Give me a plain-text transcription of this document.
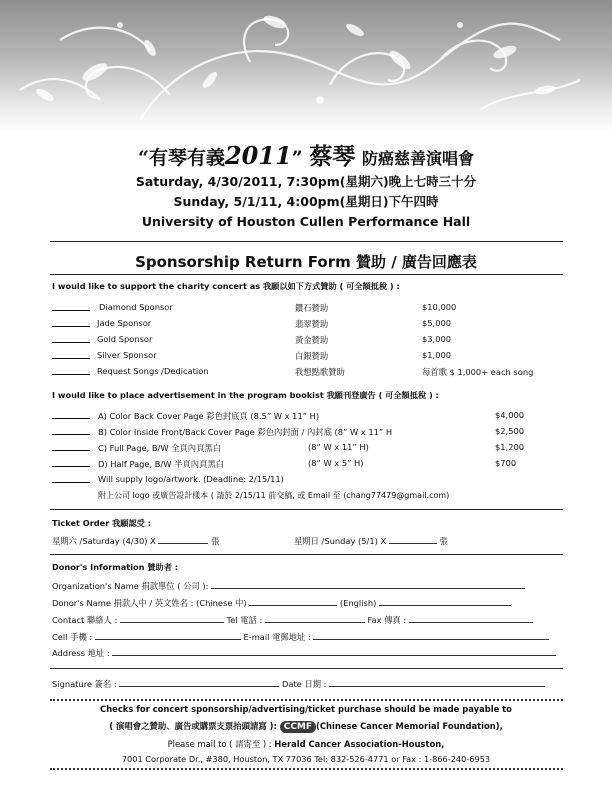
“有琴有義2011” 蔡琴 防癌慈善演唱會
Saturday, 4/30/2011, 7:30pm(星期六)晚上七時三十分
Sunday, 5/1/11, 4:00pm(星期日)下午四時
University of Houston Cullen Performance Hall
Sponsorship Return Form 贊助 / 廣告回應表
I would like to support the charity concert as 我願以如下方式贊助 ( 可全額抵稅 ) :
Diamond Sponsor	鑽石贊助	$10,000
Jade Sponsor	翡翠贊助	$5,000
Gold Sponsor	黃金贊助	$3,000
Silver Sponsor	白銀贊助	$1,000
Request Songs /Dedication	我想點歌贊助	每首歌 $ 1,000+ each song
I would like to place advertisement in the program bookist 我願刊登廣告 ( 可全額抵稅 ) :
A) Color Back Cover Page 彩色封底頁 (8.5” W x 11” H)	$4,000
B) Color Inside Front/Back Cover Page 彩色內封面 / 內封底 (8” W x 11” H	$2,500
C) Full Page, B/W 全頁內頁黑白	(8” W x 11” H)	$1,200
D) Half Page, B/W 半頁內頁黑白	(8” W x 5” H)	$700
Will supply logo/artwork. (Deadline: 2/15/11)
附上公司 logo 或廣告設計樣本 ( 請於 2/15/11 前交稿, 或 Email 至 (chang77479@gmail.com)
Ticket Order 我願認受 :
星期六 /Saturday (4/30) X	張	星期日 /Sunday (5/1) X	張
Donor's Information 贊助者 :
Organization's Name 捐款單位 ( 公司 ):
Donor's Name 捐款人中 / 英文姓名 : (Chinese 中)	(English)
Contact 聯絡人 :	Tel 電話 :	Fax 傳真 :
Cell 手機 :	E-mail 電郵地址 :
Address 地址 :
Signature 簽名 :	Date 日期 :
Checks for concert sponsorship/advertising/ticket purchase should be made payable to
( 演唱會之贊助、廣告或購票支票抬頭請寫 ): CCMF (Chinese Cancer Memorial Foundation),
Please mail to ( 請寄至 ) : Herald Cancer Association-Houston,
7001 Corporate Dr., #380, Houston, TX 77036 Tel: 832-526-4771 or Fax : 1-866-240-6953
